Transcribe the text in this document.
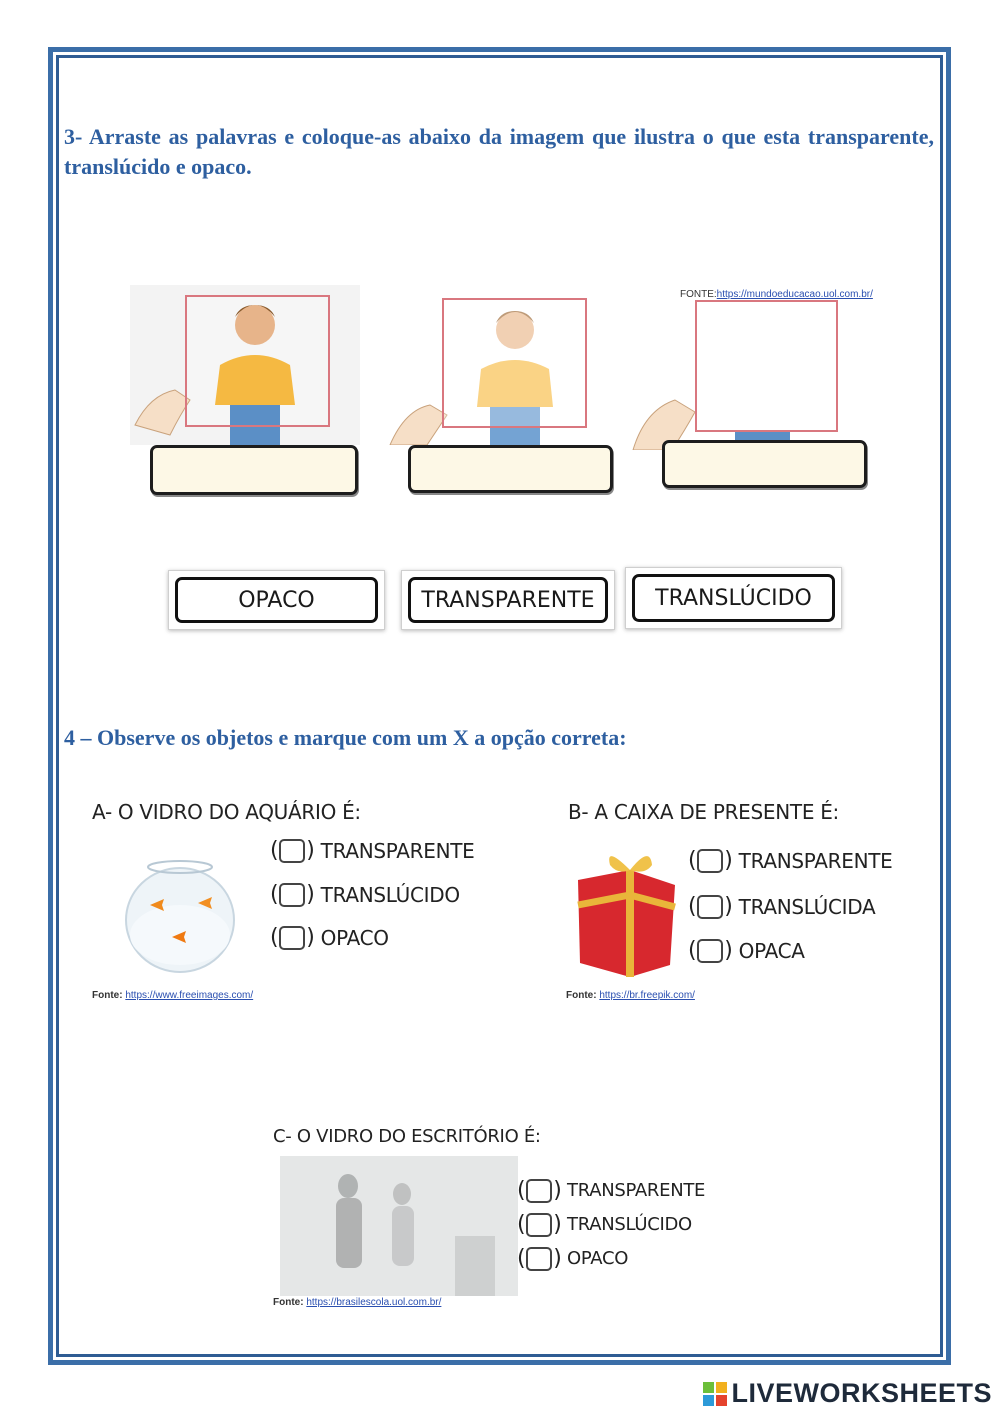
3- Arraste as palavras e coloque-as abaixo da imagem que ilustra o que esta transparente, translúcido e opaco.
FONTE:https://mundoeducacao.uol.com.br/
OPACO	TRANSPARENTE	TRANSLÚCIDO
4 – Observe os objetos e marque com um X a opção correta:
A- O VIDRO DO AQUÁRIO É:
( )
TRANSPARENTE
( )
TRANSLÚCIDO
( )
OPACO
Fonte: https://www.freeimages.com/
B- A CAIXA DE PRESENTE É:
( )
TRANSPARENTE
( )
TRANSLÚCIDA
( )
OPACA
Fonte: https://br.freepik.com/
C- O VIDRO DO ESCRITÓRIO É:
( )
TRANSPARENTE
( )
TRANSLÚCIDO
( )
OPACO
Fonte: https://brasilescola.uol.com.br/
LIVEWORKSHEETS
